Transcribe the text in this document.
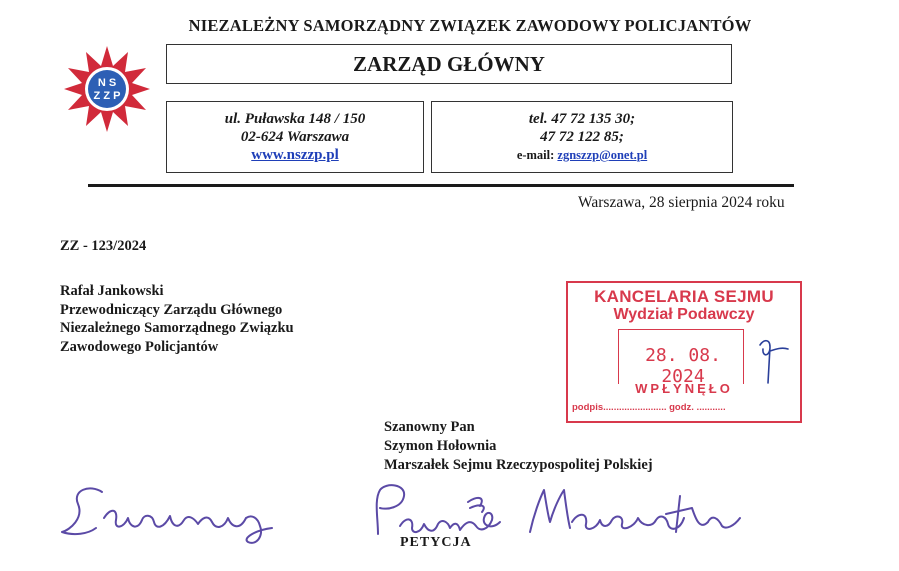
N S
Z Z P
NIEZALEŻNY SAMORZĄDNY ZWIĄZEK ZAWODOWY POLICJANTÓW
ZARZĄD GŁÓWNY
ul. Puławska 148 / 150
02-624 Warszawa
www.nszzp.pl
tel. 47 72 135 30;
47 72 122 85;
e-mail: zgnszzp@onet.pl
Warszawa, 28 sierpnia 2024 roku
ZZ - 123/2024
Rafał Jankowski
Przewodniczący Zarządu Głównego
Niezależnego Samorządnego Związku
Zawodowego Policjantów
KANCELARIA SEJMU
Wydział Podawczy
28. 08. 2024
WPŁYNĘŁO
podpis........................ godz. ...........
Szanowny Pan
Szymon Hołownia
Marszałek Sejmu Rzeczypospolitej Polskiej
PETYCJA
